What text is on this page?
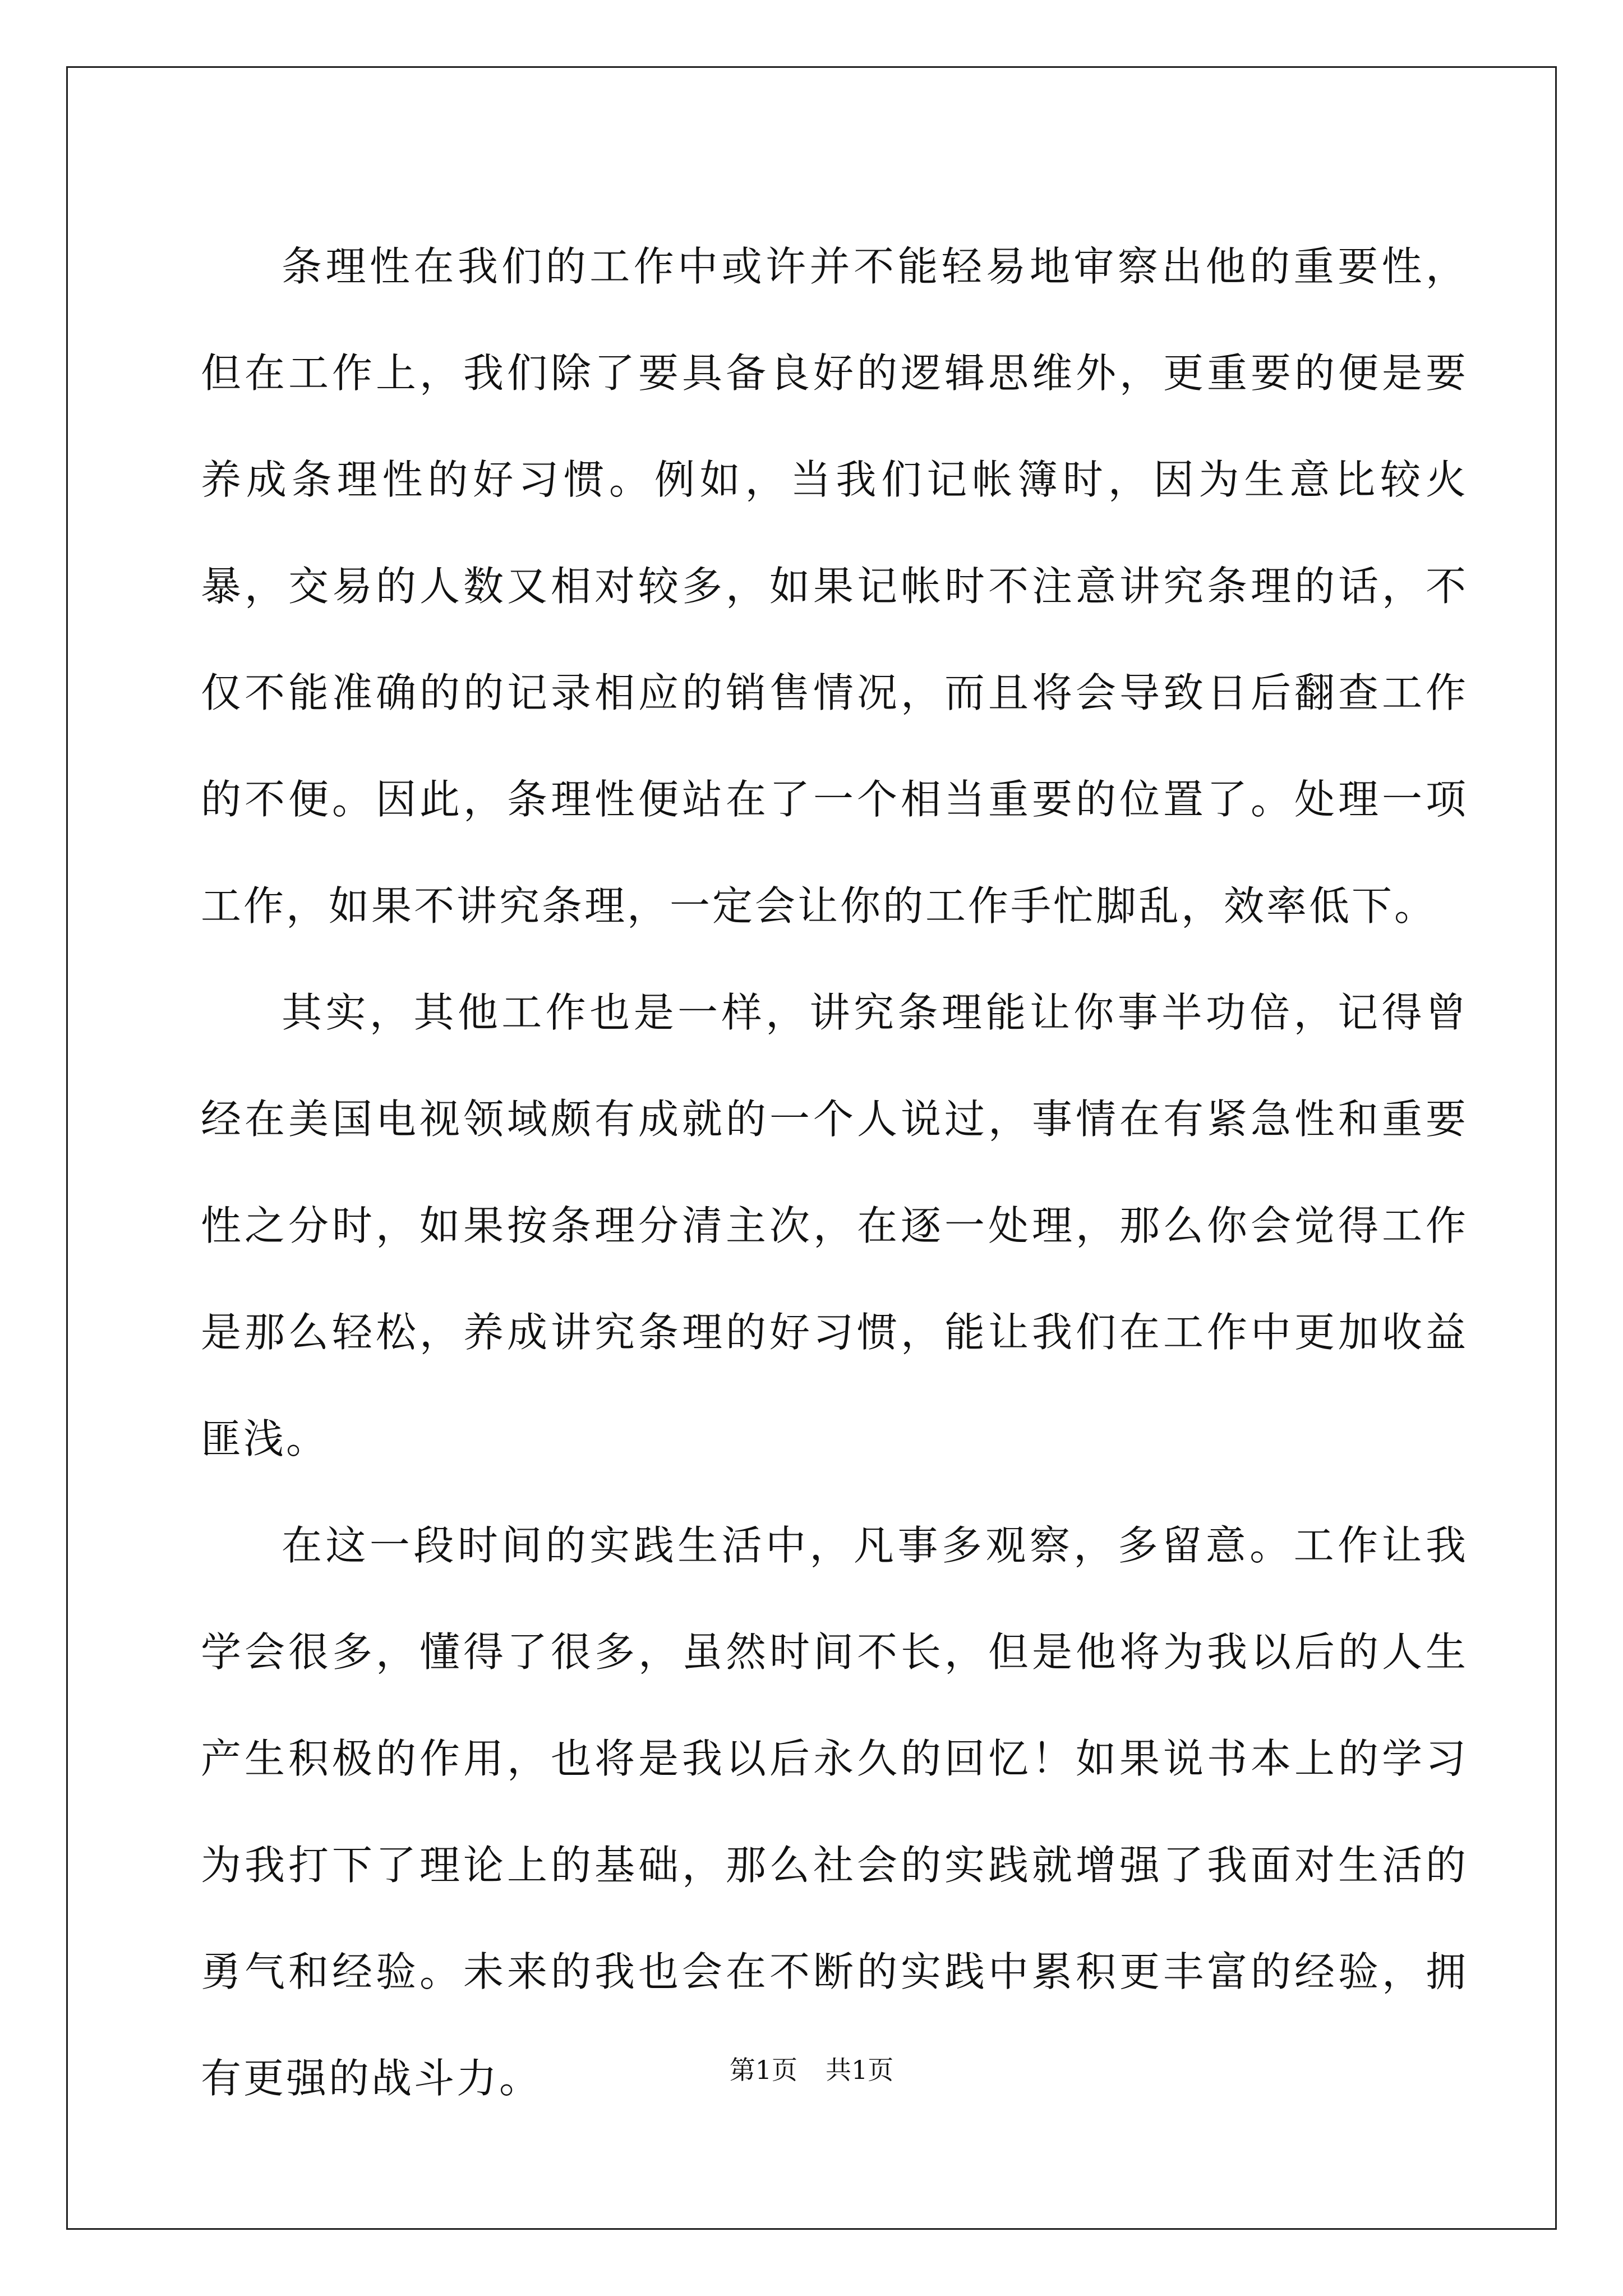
条理性在我们的工作中或许并不能轻易地审察出他的重要性，但在工作上，我们除了要具备良好的逻辑思维外，更重要的便是要养成条理性的好习惯。例如，当我们记帐簿时，因为生意比较火暴，交易的人数又相对较多，如果记帐时不注意讲究条理的话，不仅不能准确的的记录相应的销售情况，而且将会导致日后翻查工作的不便。因此，条理性便站在了一个相当重要的位置了。处理一项工作，如果不讲究条理，一定会让你的工作手忙脚乱，效率低下。

其实，其他工作也是一样，讲究条理能让你事半功倍，记得曾经在美国电视领域颇有成就的一个人说过，事情在有紧急性和重要性之分时，如果按条理分清主次，在逐一处理，那么你会觉得工作是那么轻松，养成讲究条理的好习惯，能让我们在工作中更加收益匪浅。

在这一段时间的实践生活中，凡事多观察，多留意。工作让我学会很多，懂得了很多，虽然时间不长，但是他将为我以后的人生产生积极的作用，也将是我以后永久的回忆！如果说书本上的学习为我打下了理论上的基础，那么社会的实践就增强了我面对生活的勇气和经验。未来的我也会在不断的实践中累积更丰富的经验，拥有更强的战斗力。	第1页 共1页
